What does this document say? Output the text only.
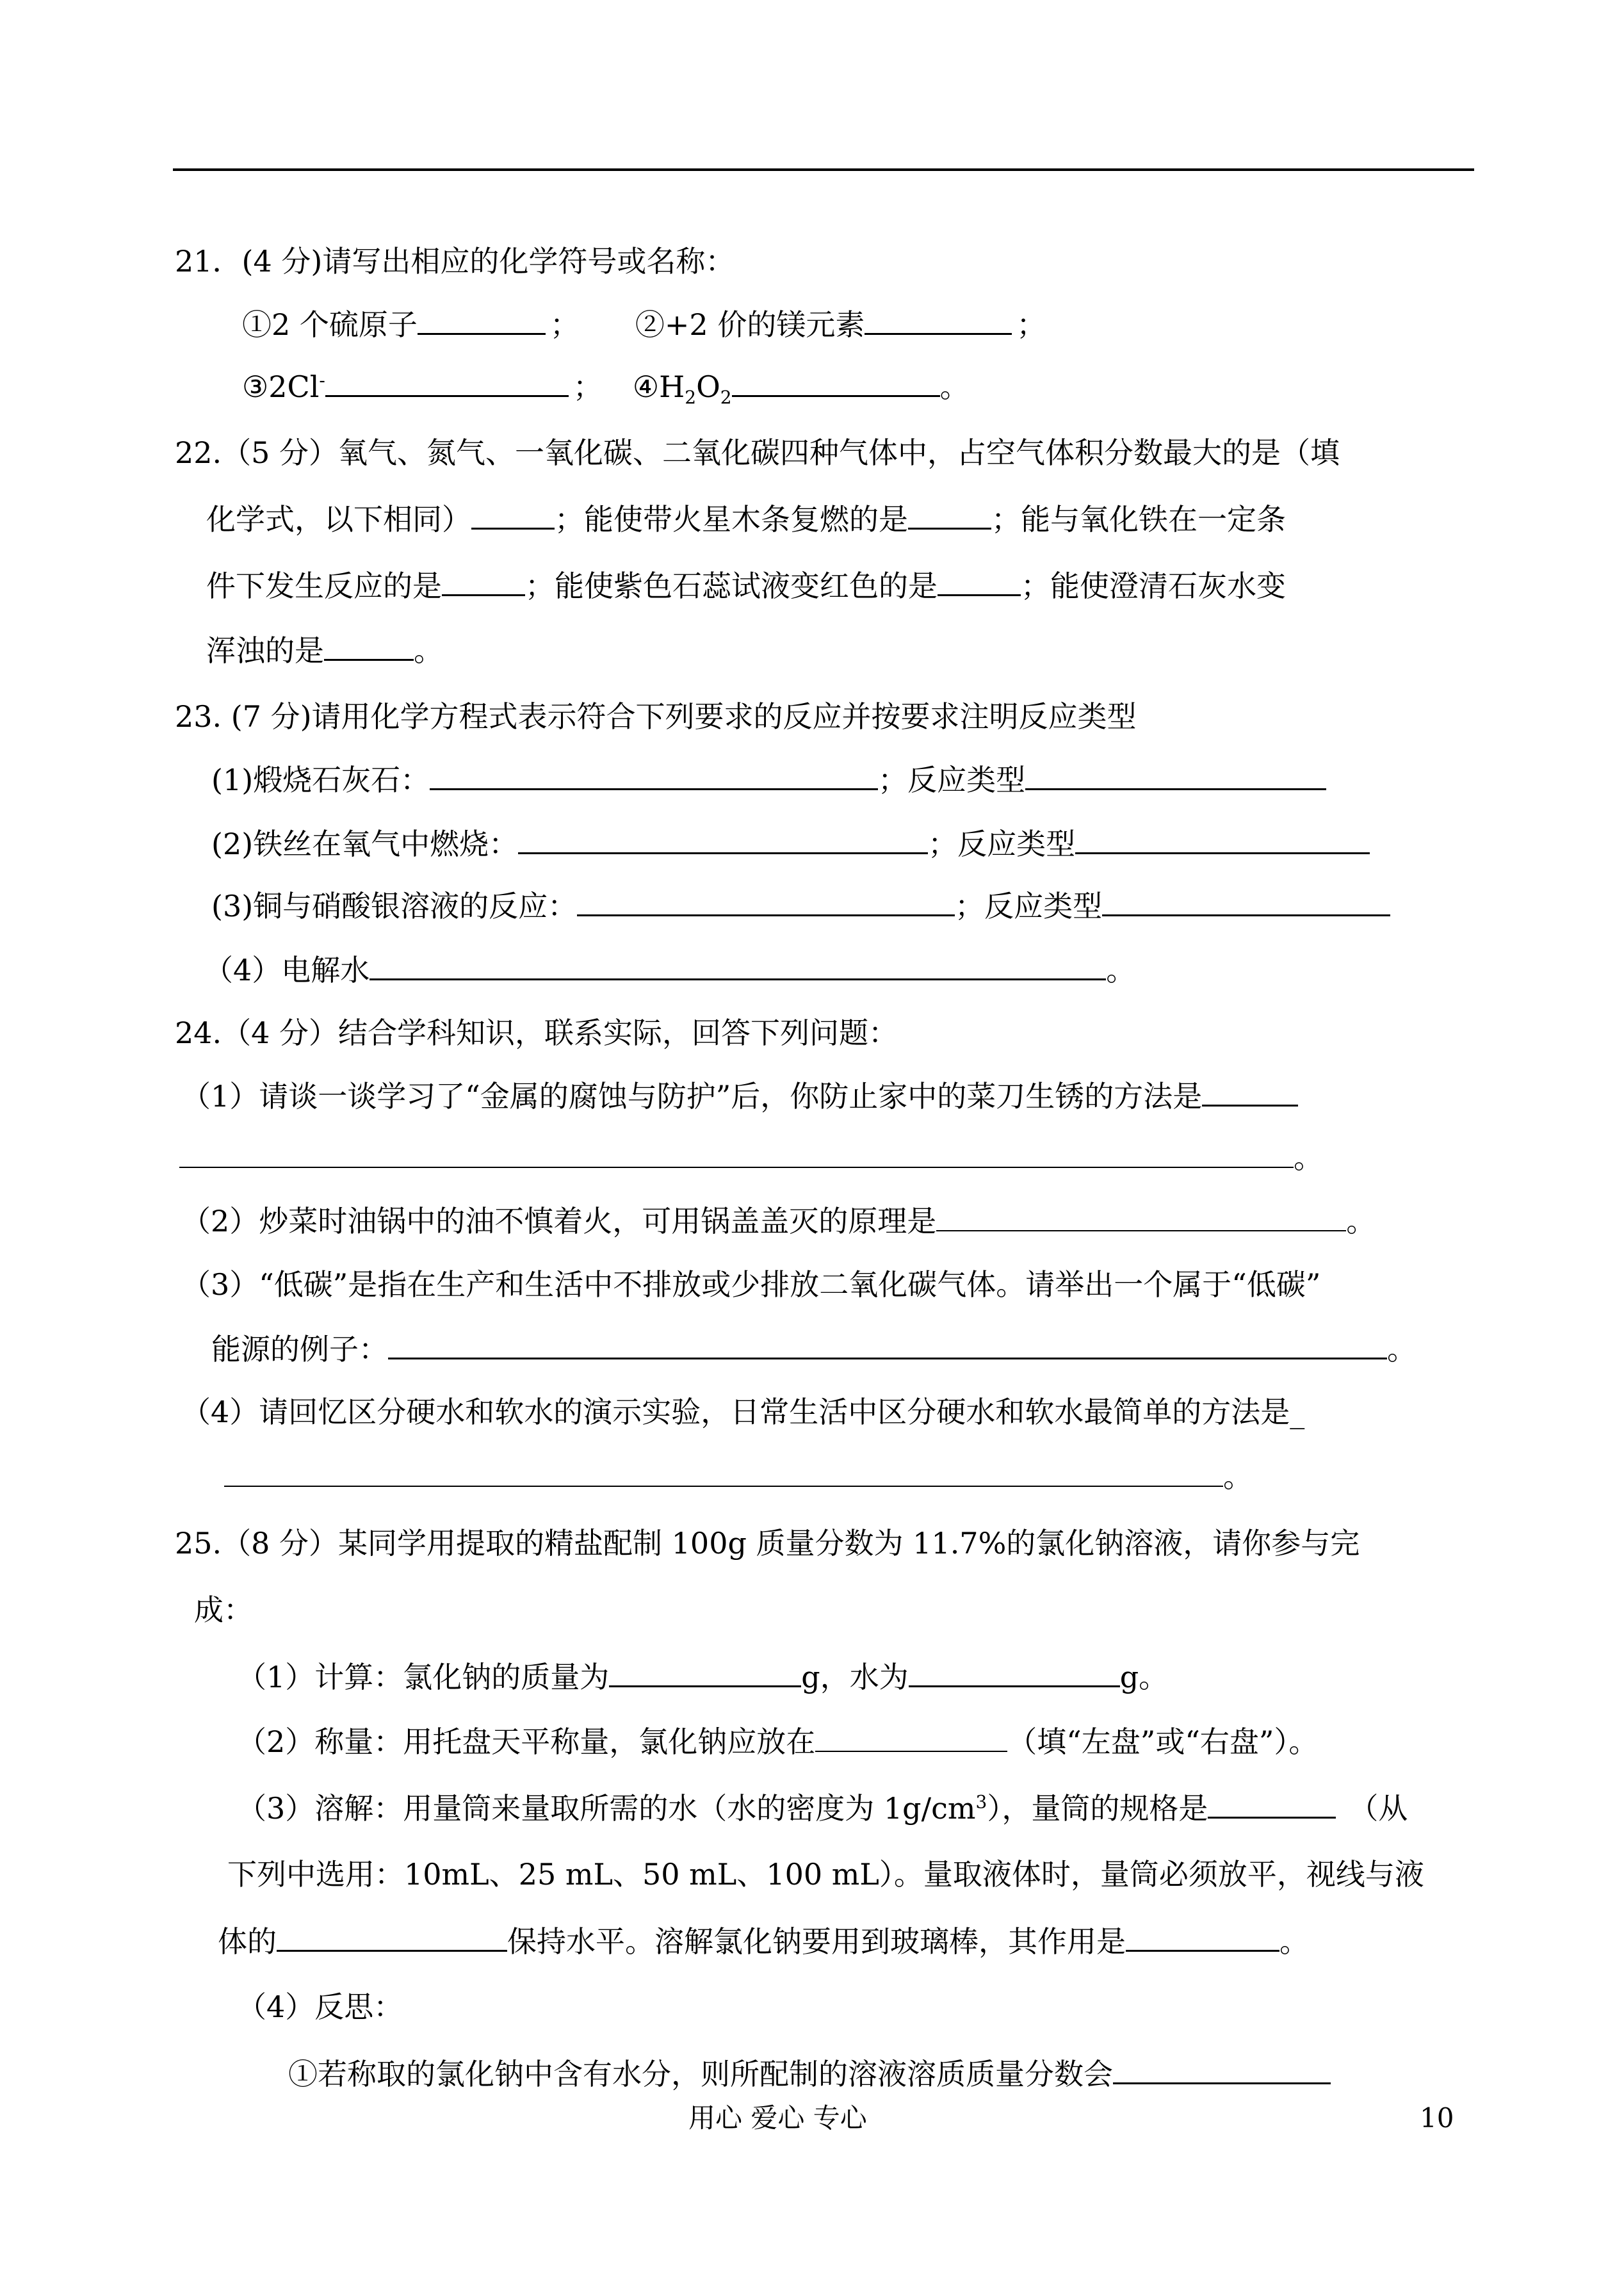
21．(4 分)请写出相应的化学符号或名称：
①2 个硫原子	； ②+2 价的镁元素	；
③2Cl-	； $④H_2O_2$	。
22.（5 分）氧气、氮气、一氧化碳、二氧化碳四种气体中，占空气体积分数最大的是（填
化学式，以下相同）	；能使带火星木条复燃的是	；能与氧化铁在一定条
件下发生反应的是	；能使紫色石蕊试液变红色的是	；能使澄清石灰水变
浑浊的是	。
23. (7 分)请用化学方程式表示符合下列要求的反应并按要求注明反应类型
(1)煅烧石灰石：	；反应类型
(2)铁丝在氧气中燃烧：	；反应类型
(3)铜与硝酸银溶液的反应：	；反应类型
（4）电解水	。
24.（4 分）结合学科知识，联系实际，回答下列问题：
（1）请谈一谈学习了“金属的腐蚀与防护”后，你防止家中的菜刀生锈的方法是
。
（2）炒菜时油锅中的油不慎着火，可用锅盖盖灭的原理是	。
（3）“低碳”是指在生产和生活中不排放或少排放二氧化碳气体。请举出一个属于“低碳”
能源的例子：	。
（4）请回忆区分硬水和软水的演示实验，日常生活中区分硬水和软水最简单的方法是_
。
25.（8 分）某同学用提取的精盐配制 100g 质量分数为 11.7%的氯化钠溶液，请你参与完
成：
（1）计算：氯化钠的质量为	g，水为	g。
（2）称量：用托盘天平称量，氯化钠应放在	（填“左盘”或“右盘”）。
（3）溶解：用量筒来量取所需的水（水的密度为 $1g/cm^3$），量筒的规格是	（从
下列中选用：10mL、25 mL、50 mL、100 mL）。量取液体时，量筒必须放平，视线与液
体的	保持水平。溶解氯化钠要用到玻璃棒，其作用是	。
（4）反思：
①若称取的氯化钠中含有水分，则所配制的溶液溶质质量分数会
用心 爱心 专心	10
